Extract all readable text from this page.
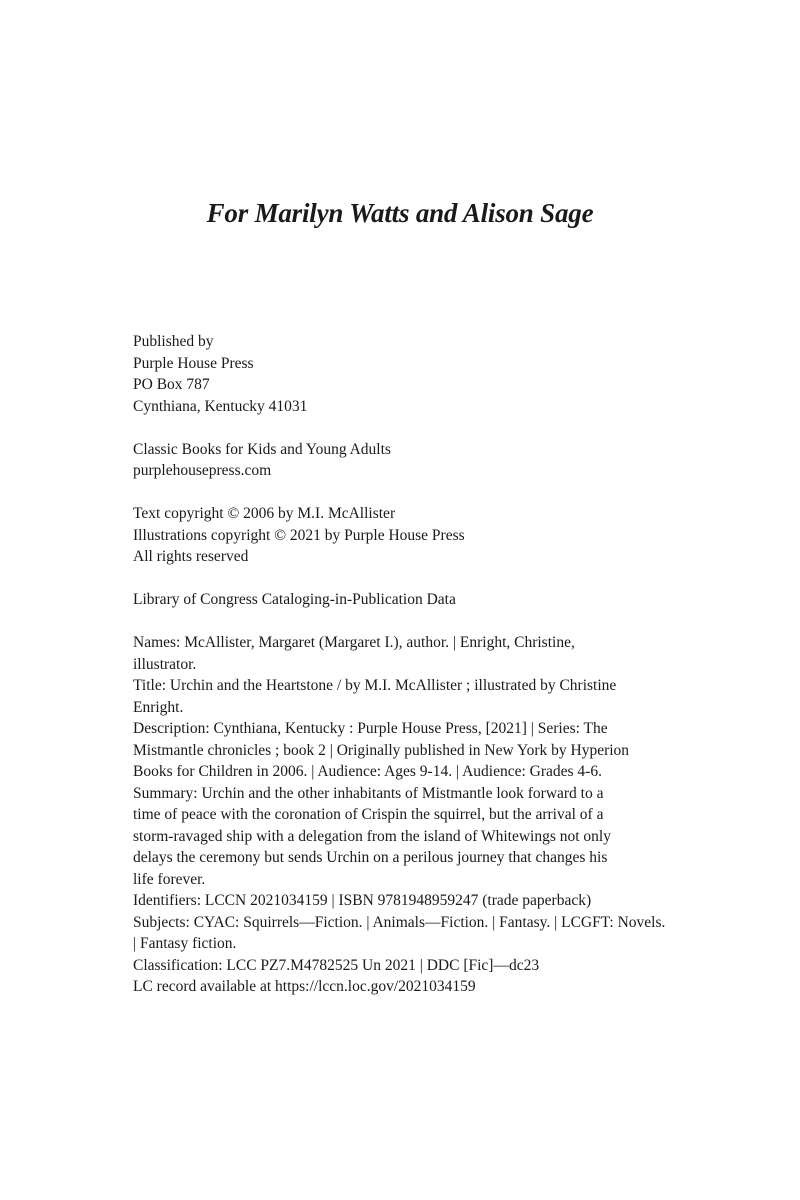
For Marilyn Watts and Alison Sage
Published by
Purple House Press
PO Box 787
Cynthiana, Kentucky 41031
Classic Books for Kids and Young Adults
purplehousepress.com
Text copyright © 2006 by M.I. McAllister
Illustrations copyright © 2021 by Purple House Press
All rights reserved
Library of Congress Cataloging-in-Publication Data
Names: McAllister, Margaret (Margaret I.), author. | Enright, Christine,
illustrator.
Title: Urchin and the Heartstone / by M.I. McAllister ; illustrated by Christine
Enright.
Description: Cynthiana, Kentucky : Purple House Press, [2021] | Series: The
Mistmantle chronicles ; book 2 | Originally published in New York by Hyperion
Books for Children in 2006. | Audience: Ages 9-14. | Audience: Grades 4-6.
Summary: Urchin and the other inhabitants of Mistmantle look forward to a
time of peace with the coronation of Crispin the squirrel, but the arrival of a
storm-ravaged ship with a delegation from the island of Whitewings not only
delays the ceremony but sends Urchin on a perilous journey that changes his
life forever.
Identifiers: LCCN 2021034159 | ISBN 9781948959247 (trade paperback)
Subjects: CYAC: Squirrels—Fiction. | Animals—Fiction. | Fantasy. | LCGFT: Novels.
| Fantasy fiction.
Classification: LCC PZ7.M4782525 Un 2021 | DDC [Fic]—dc23
LC record available at https://lccn.loc.gov/2021034159
